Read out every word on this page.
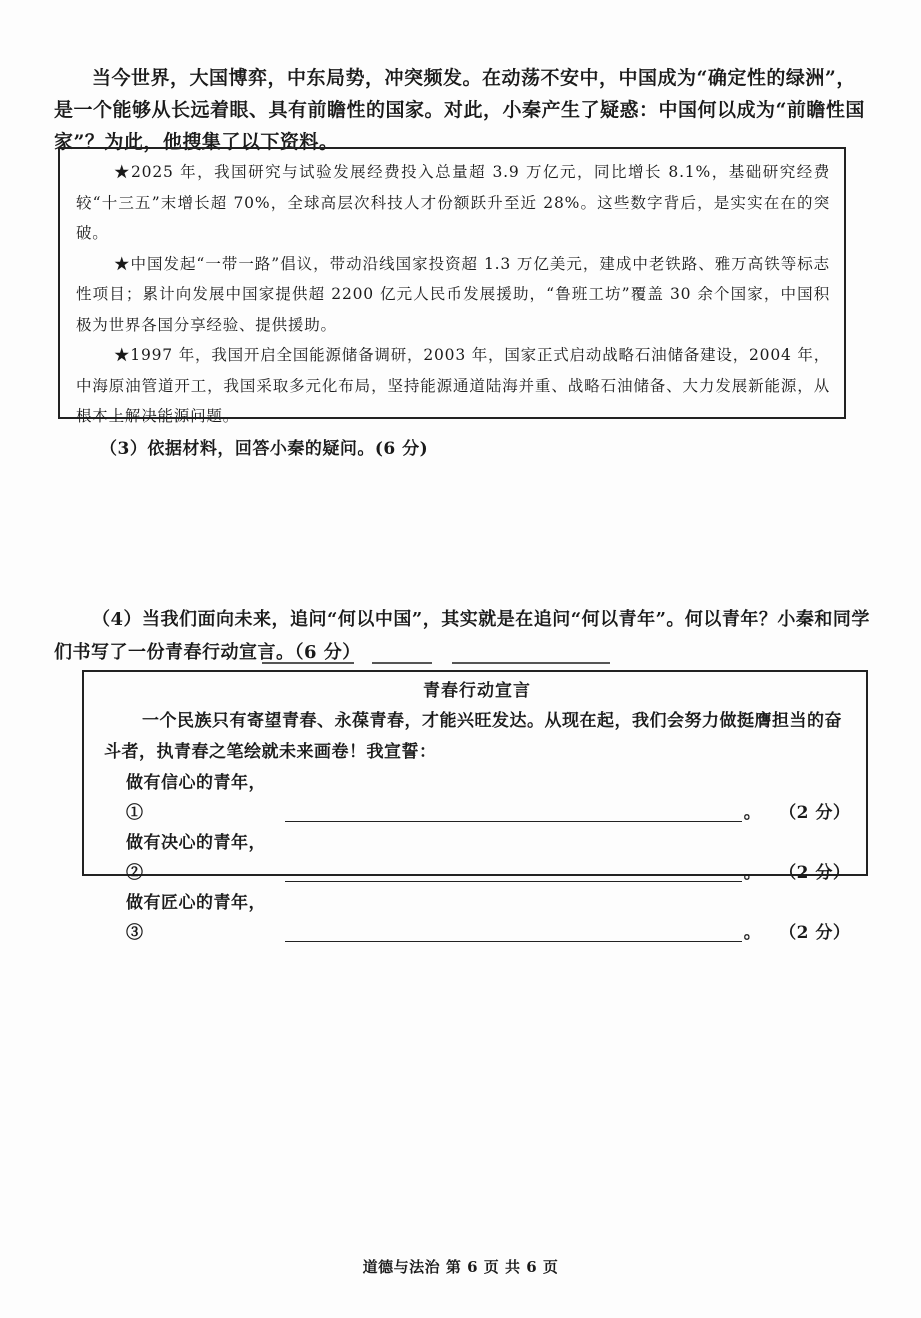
当今世界，大国博弈，中东局势，冲突频发。在动荡不安中，中国成为“确定性的绿洲”，是一个能够从长远着眼、具有前瞻性的国家。对此，小秦产生了疑惑：中国何以成为“前瞻性国家”？为此，他搜集了以下资料。

★2025 年，我国研究与试验发展经费投入总量超 3.9 万亿元，同比增长 8.1%，基础研究经费较“十三五”末增长超 70%，全球高层次科技人才份额跃升至近 28%。这些数字背后，是实实在在的突破。

★中国发起“一带一路”倡议，带动沿线国家投资超 1.3 万亿美元，建成中老铁路、雅万高铁等标志性项目；累计向发展中国家提供超 2200 亿元人民币发展援助，“鲁班工坊”覆盖 30 余个国家，中国积极为世界各国分享经验、提供援助。

★1997 年，我国开启全国能源储备调研，2003 年，国家正式启动战略石油储备建设，2004 年，中海原油管道开工，我国采取多元化布局，坚持能源通道陆海并重、战略石油储备、大力发展新能源，从根本上解决能源问题。

（3）依据材料，回答小秦的疑问。(6 分)

（4）当我们面向未来，追问“何以中国”，其实就是在追问“何以青年”。何以青年？小秦和同学们书写了一份青春行动宣言。（6 分）

青春行动宣言

一个民族只有寄望青春、永葆青春，才能兴旺发达。从现在起，我们会努力做挺膺担当的奋斗者，执青春之笔绘就未来画卷！我宣誓：

做有信心的青年，①	。 （2 分）
做有决心的青年，②	。 （2 分）
做有匠心的青年，③	。 （2 分）
道德与法治 第 6 页 共 6 页
